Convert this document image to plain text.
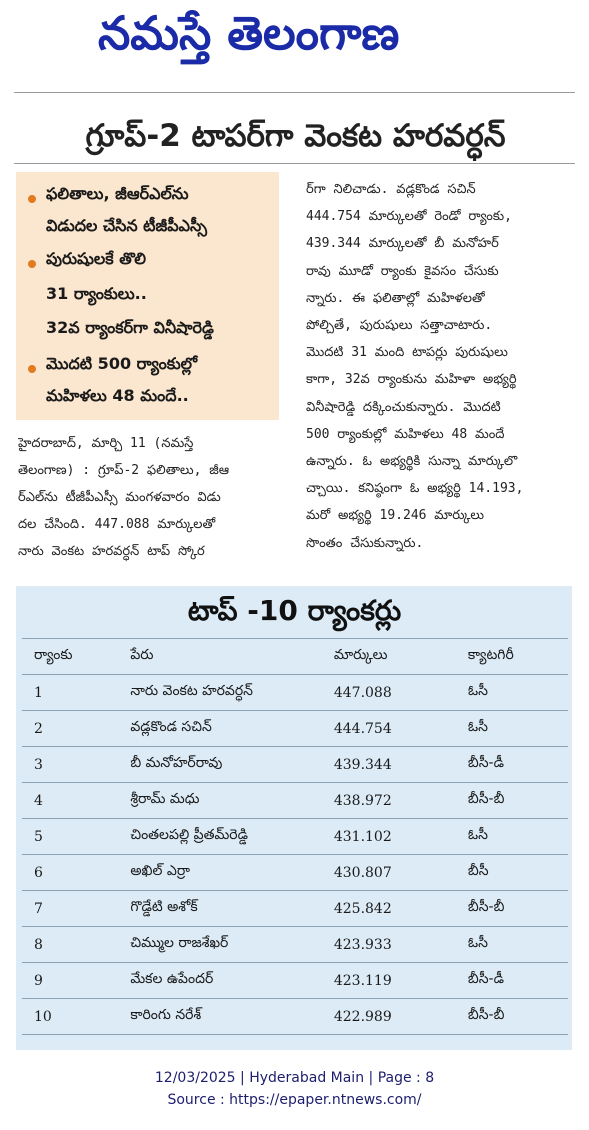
నమస్తే తెలంగాణ
గ్రూప్-2 టాపర్‌గా వెంకట హరవర్ధన్
ఫలితాలు, జీఆర్‌ఎల్‌ను
విడుదల చేసిన టీజీపీఎస్సీ
పురుషులకే తొలి
31 ర్యాంకులు..
32వ ర్యాంకర్‌గా వినీషారెడ్డి
మొదటి 500 ర్యాంకుల్లో
మహిళలు 48 మందే..
హైదరాబాద్, మార్చి 11 (నమస్తే
తెలంగాణ) : గ్రూప్-2 ఫలితాలు, జీఆ
ర్‌ఎల్‌ను టీజీపీఎస్సీ మంగళవారం విడు
దల చేసింది. 447.088 మార్కులతో
నారు వెంకట హరవర్ధన్ టాప్ స్కోర
ర్‌గా నిలిచాడు. వడ్లకొండ సచిన్
444.754 మార్కులతో రెండో ర్యాంకు,
439.344 మార్కులతో బీ మనోహర్
రావు మూడో ర్యాంకు కైవసం చేసుకు
న్నారు. ఈ ఫలితాల్లో మహిళలతో
పోల్చితే, పురుషులు సత్తాచాటారు.
మొదటి 31 మంది టాపర్లు పురుషులు
కాగా, 32వ ర్యాంకును మహిళా అభ్యర్థి
వినీషారెడ్డి దక్కించుకున్నారు. మొదటి
500 ర్యాంకుల్లో మహిళలు 48 మందే
ఉన్నారు. ఓ అభ్యర్థికి సున్నా మార్కులొ
చ్చాయి. కనిష్ఠంగా ఓ అభ్యర్థి 14.193,
మరో అభ్యర్థి 19.246 మార్కులు
సొంతం చేసుకున్నారు.
టాప్ -10 ర్యాంకర్లు
ర్యాంకు	పేరు	మార్కులు	క్యాటగిరీ
1	నారు వెంకట హరవర్ధన్	447.088	ఓసీ
2	వడ్లకొండ సచిన్	444.754	ఓసీ
3	బీ మనోహర్‌రావు	439.344	బీసీ-డీ
4	శ్రీరామ్ మధు	438.972	బీసీ-బీ
5	చింతలపల్లి ప్రీతమ్‌రెడ్డి	431.102	ఓసీ
6	అఖిల్ ఎర్రా	430.807	బీసీ
7	గొడ్డేటి అశోక్	425.842	బీసీ-బీ
8	చిమ్ముల రాజశేఖర్	423.933	ఓసీ
9	మేకల ఉపేందర్	423.119	బీసీ-డీ
10	కారింగు నరేశ్	422.989	బీసీ-బీ
12/03/2025 | Hyderabad Main | Page : 8
Source : https://epaper.ntnews.com/
